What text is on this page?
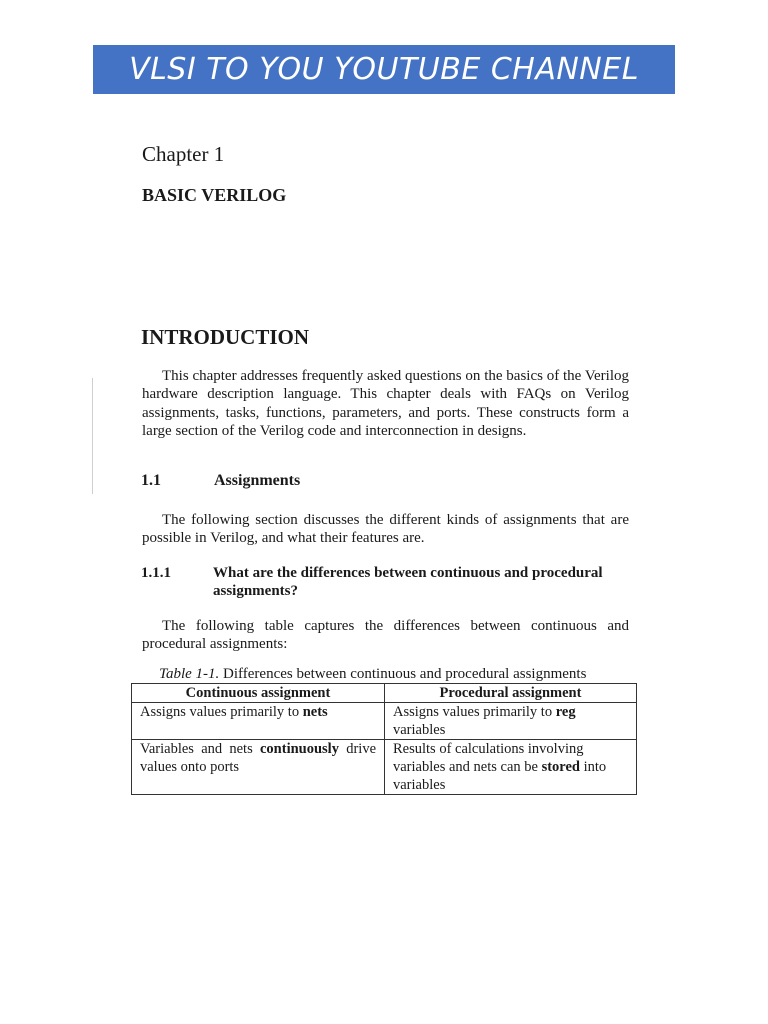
VLSI TO YOU YOUTUBE CHANNEL
Chapter 1
BASIC VERILOG
INTRODUCTION
This chapter addresses frequently asked questions on the basics of the Verilog hardware description language. This chapter deals with FAQs on Verilog assignments, tasks, functions, parameters, and ports. These constructs form a large section of the Verilog code and interconnection in designs.
1.1	Assignments
The following section discusses the different kinds of assignments that are possible in Verilog, and what their features are.
1.1.1	What are the differences between continuous and procedural assignments?
The following table captures the differences between continuous and procedural assignments:
Table 1-1. Differences between continuous and procedural assignments
Continuous assignment	Procedural assignment
Assigns values primarily to nets	Assigns values primarily to reg variables
Variables and nets continuously drive values onto ports	Results of calculations involving variables and nets can be stored into variables
